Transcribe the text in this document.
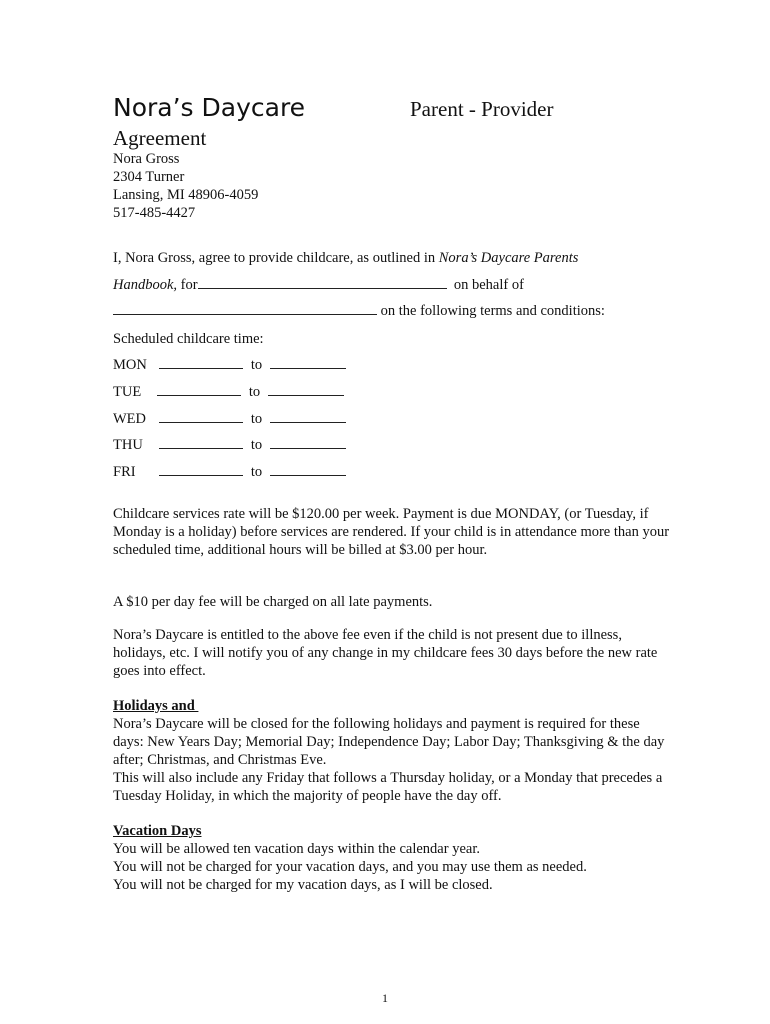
Nora’s Daycare	Parent - Provider
Agreement
Nora Gross
2304 Turner
Lansing, MI 48906-4059
517-485-4427
I, Nora Gross, agree to provide childcare, as outlined in Nora’s Daycare Parents
Handbook, for	on behalf of
on the following terms and conditions:
Scheduled childcare time:
MON	to
TUE	to
WED	to
THU	to
FRI	to
Childcare services rate will be $120.00 per week. Payment is due MONDAY, (or Tuesday, if Monday is a holiday) before services are rendered. If your child is in attendance more than your scheduled time, additional hours will be billed at $3.00 per hour.
A $10 per day fee will be charged on all late payments.
Nora’s Daycare is entitled to the above fee even if the child is not present due to illness, holidays, etc. I will notify you of any change in my childcare fees 30 days before the new rate goes into effect.
Holidays and
Nora’s Daycare will be closed for the following holidays and payment is required for these days: New Years Day; Memorial Day; Independence Day; Labor Day; Thanksgiving & the day after; Christmas, and Christmas Eve.
This will also include any Friday that follows a Thursday holiday, or a Monday that precedes a Tuesday Holiday, in which the majority of people have the day off.
Vacation Days
You will be allowed ten vacation days within the calendar year.
You will not be charged for your vacation days, and you may use them as needed.
You will not be charged for my vacation days, as I will be closed.
1
